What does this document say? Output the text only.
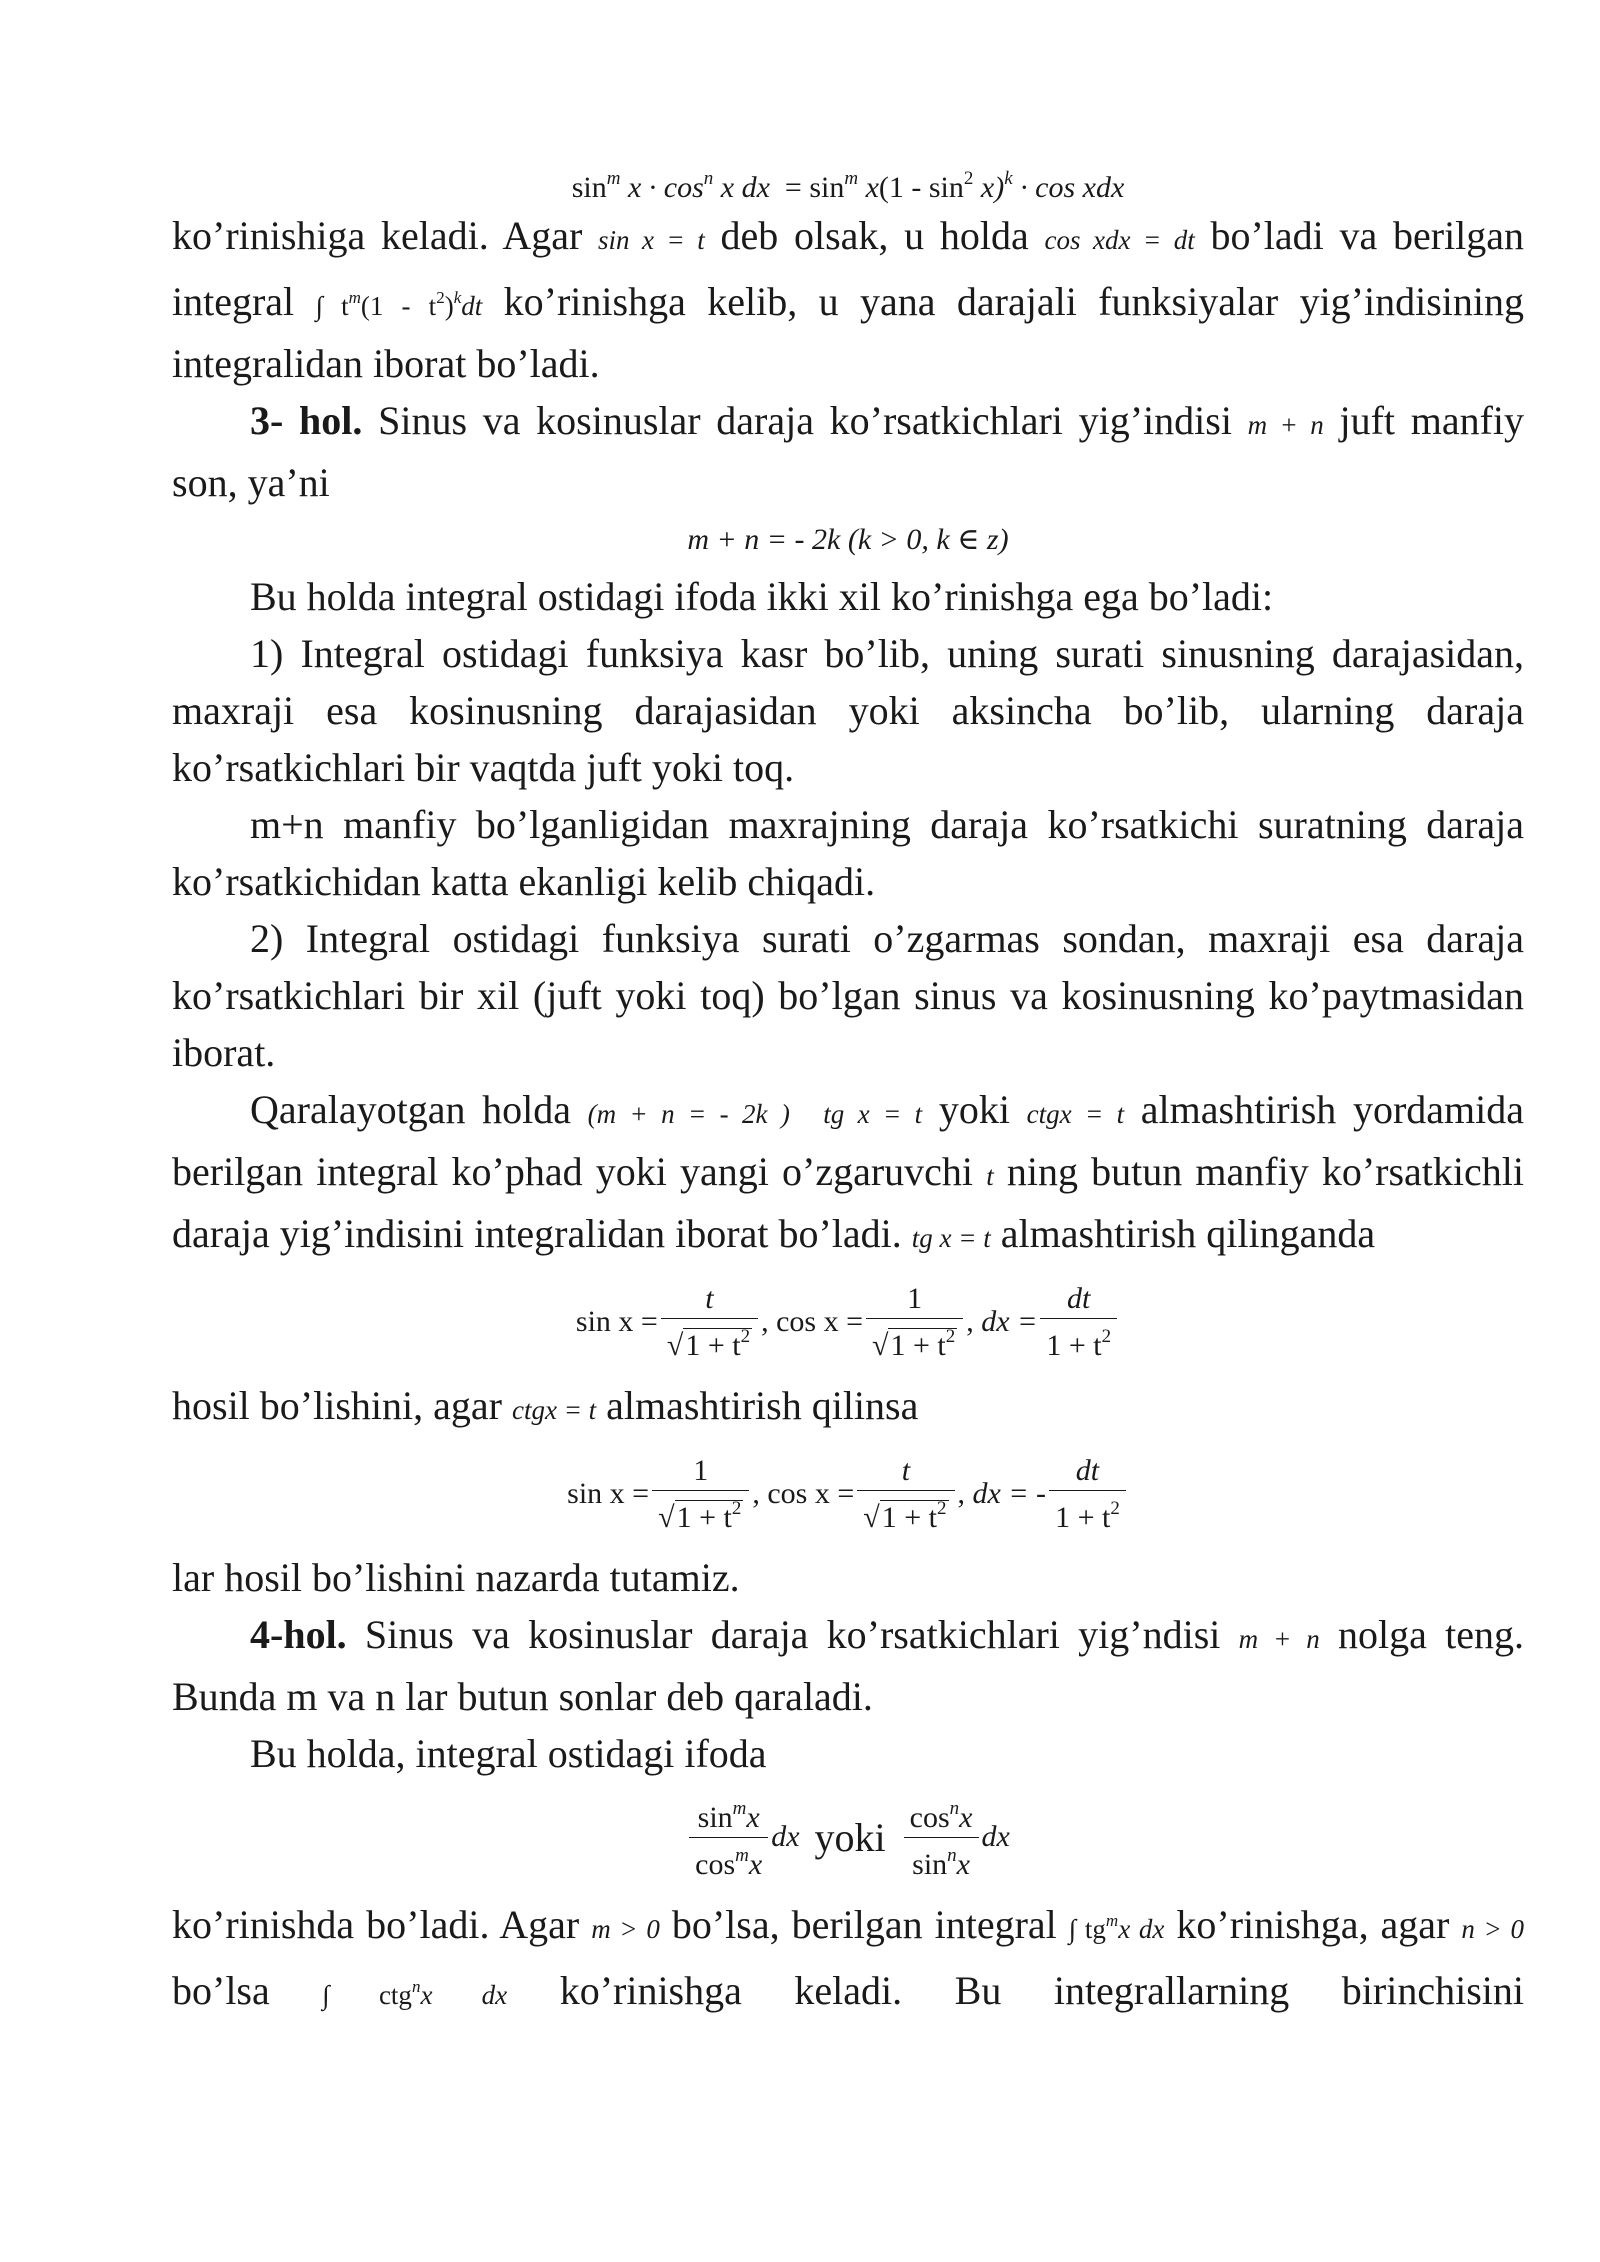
$\sin^m x \cdot \cos^n x$ dx = $\sin^m x(1 - \sin^2 x)^k \cdot \cos$ xdx

ko’rinishiga keladi. Agar sin x = t deb olsak, u holda cos xdx = dt bo’ladi va berilgan integral ∫ $t^m(1 - t^2)^kdt$ ko’rinishga kelib, u yana darajali funksiyalar yig’indisining integralidan iborat bo’ladi.

3- hol. Sinus va kosinuslar daraja ko’rsatkichlari yig’indisi m + n juft manfiy son, ya’ni

m + n = - 2k (k > 0, k ∈ z)

Bu holda integral ostidagi ifoda ikki xil ko’rinishga ega bo’ladi:

1) Integral ostidagi funksiya kasr bo’lib, uning surati sinusning darajasidan, maxraji esa kosinusning darajasidan yoki aksincha bo’lib, ularning daraja ko’rsatkichlari bir vaqtda juft yoki toq.

m+n manfiy bo’lganligidan maxrajning daraja ko’rsatkichi suratning daraja ko’rsatkichidan katta ekanligi kelib chiqadi.

2) Integral ostidagi funksiya surati o’zgarmas sondan, maxraji esa daraja ko’rsatkichlari bir xil (juft yoki toq) bo’lgan sinus va kosinusning ko’paytmasidan iborat.

Qaralayotgan holda (m + n = - 2k ) tg x = t yoki ctgx = t almashtirish yordamida berilgan integral ko’phad yoki yangi o’zgaruvchi t ning butun manfiy ko’rsatkichli daraja yig’indisini integralidan iborat bo’ladi. tg x = t almashtirish qilinganda

$\sin x = \frac{t}{√1 + t^2}$ ,
$\cos x = \frac{1}{√1 + t^2}$ ,
dx = $\frac{dt}{1 + t^2}$

hosil bo’lishini, agar ctgx = t almashtirish qilinsa

$\sin x = \frac{1}{√1 + t^2}$ ,
$\cos x = \frac{t}{√1 + t^2}$ ,
dx = -
dt
$1 + t^2$

lar hosil bo’lishini nazarda tutamiz.

4-hol. Sinus va kosinuslar daraja ko’rsatkichlari yig’ndisi m + n nolga teng. Bunda m va n lar butun sonlar deb qaraladi.

Bu holda, integral ostidagi ifoda

$\sin^mx$
$\cos^mx$
dx
yoki
$\cos^nx$
$\sin^nx$
dx

ko’rinishda bo’ladi. Agar m > 0 bo’lsa, berilgan integral ∫ $tg^mx$ dx ko’rinishga, agar n > 0 bo’lsa ∫ ctg$^n$x dx ko’rinishga keladi. Bu integrallarning birinchisini
